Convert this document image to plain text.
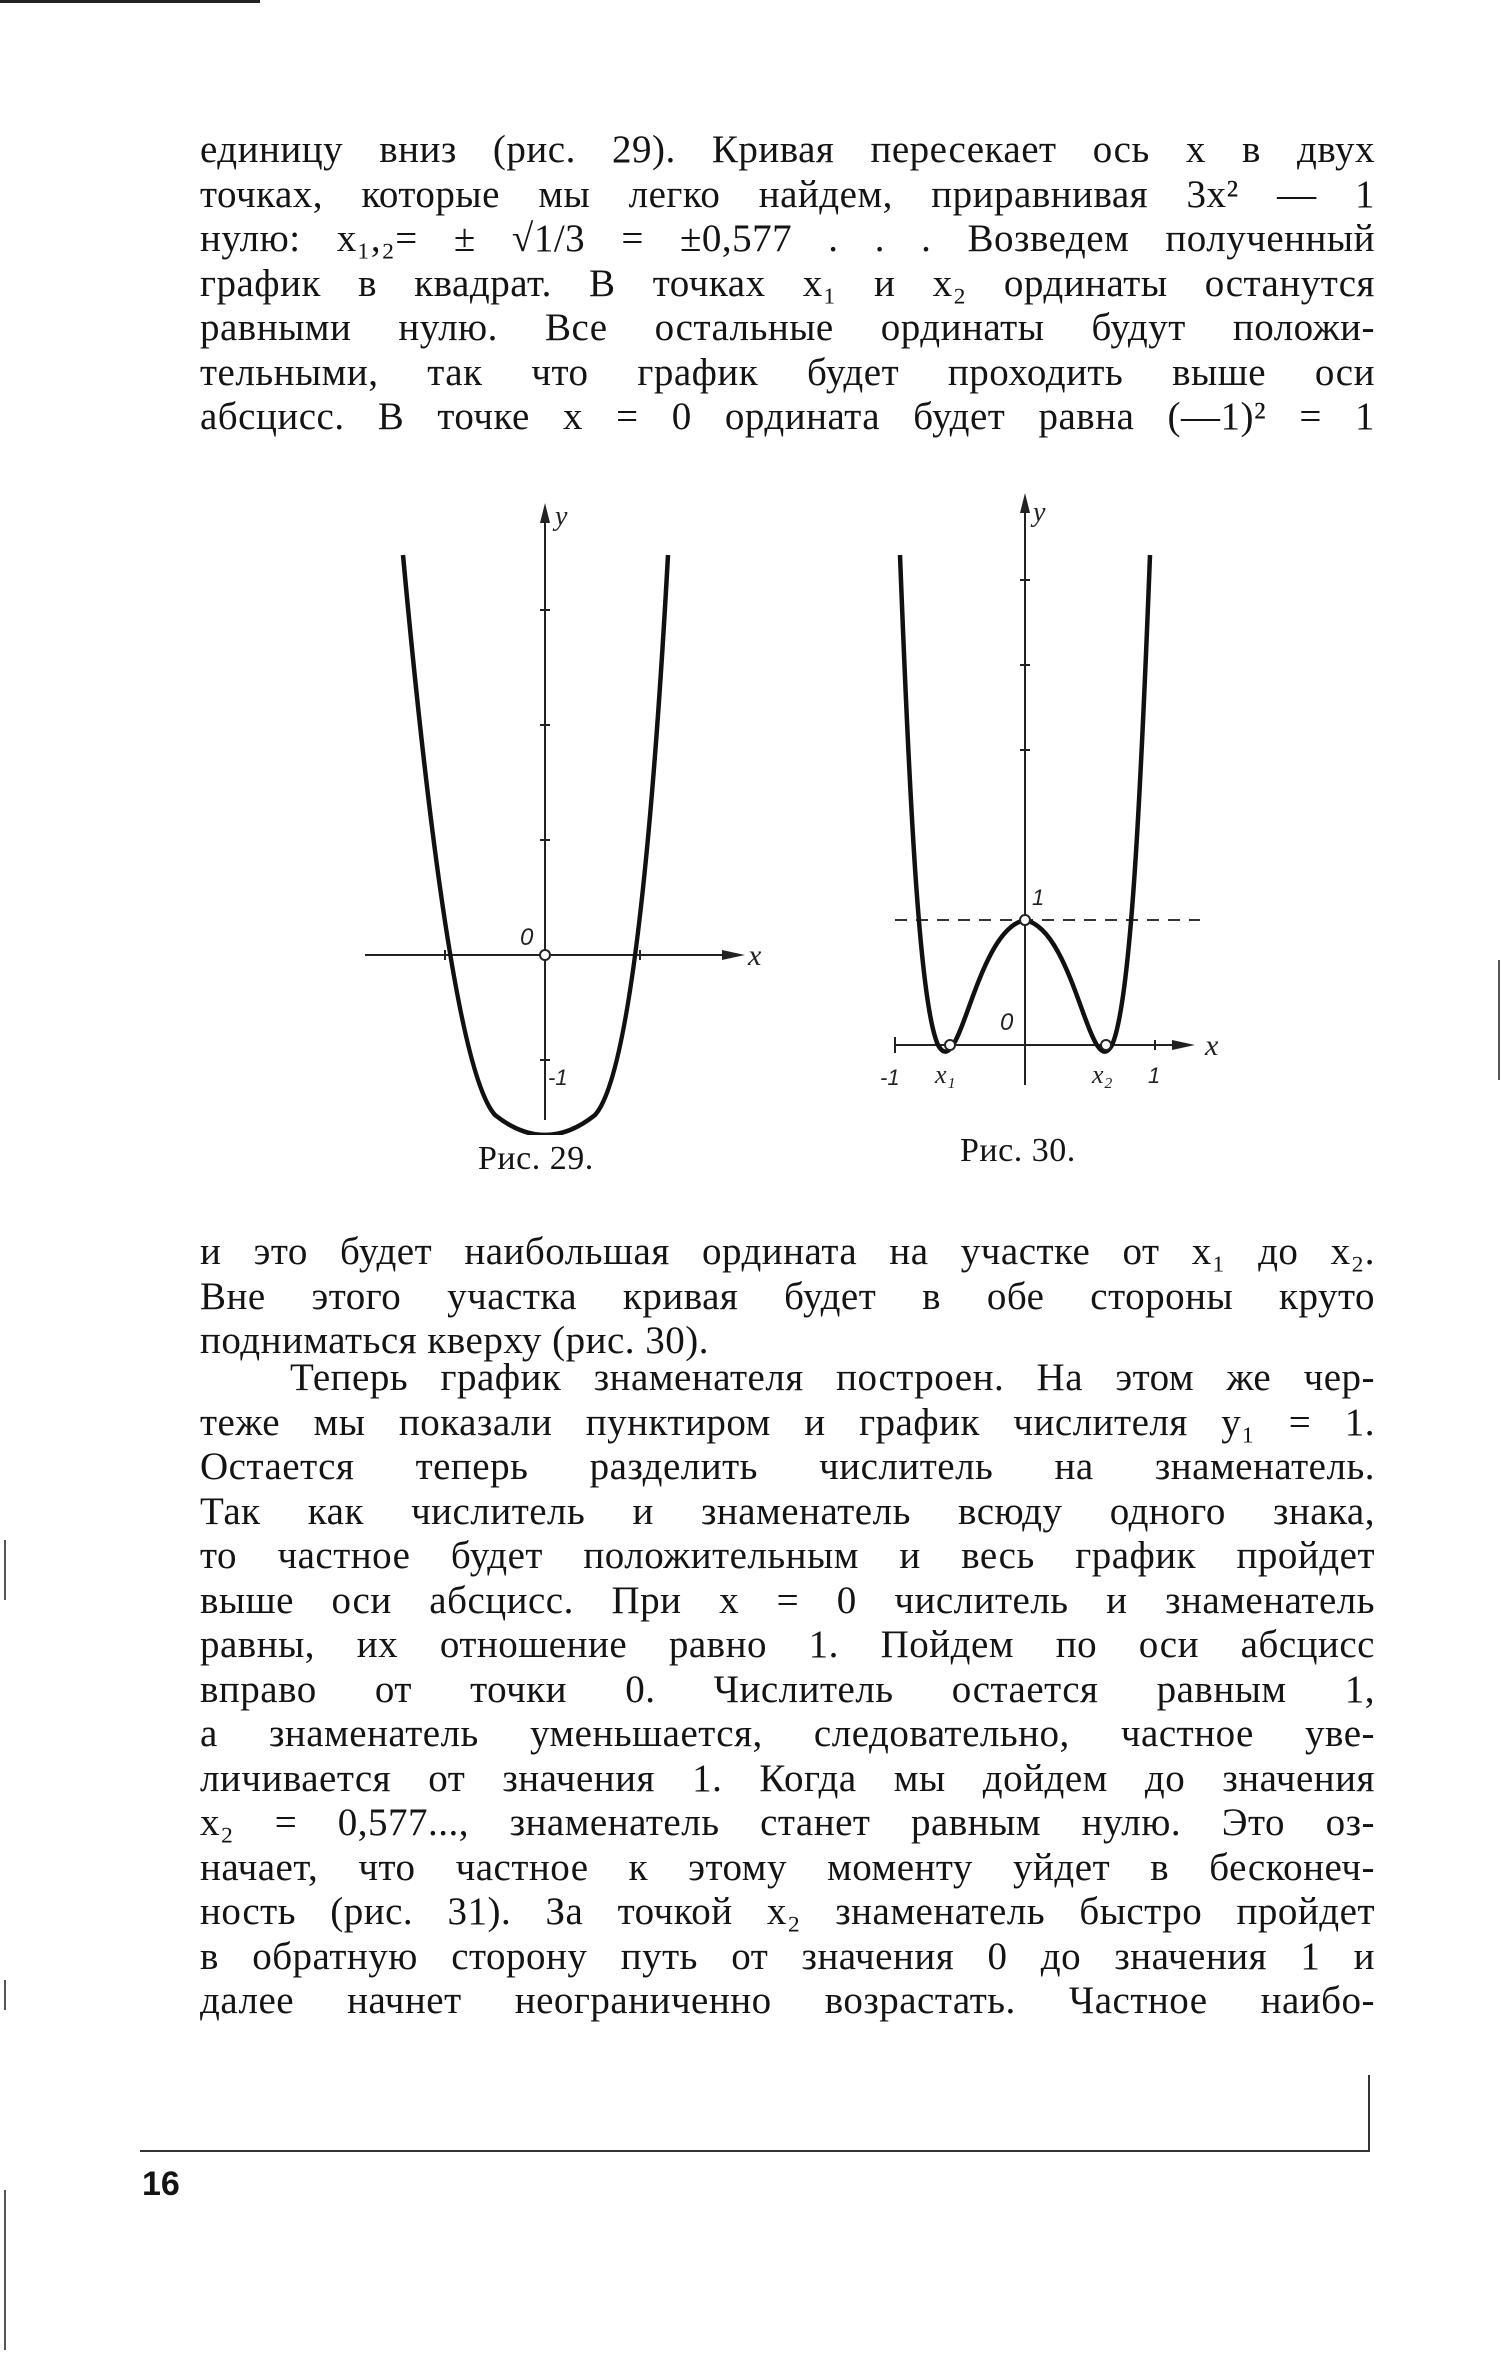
единицу вниз (рис. 29). Кривая пересекает ось x в двух
точках, которые мы легко найдем, приравнивая 3x² — 1
нулю: x₁,₂= ± √1/3 = ±0,577 . . . Возведем полученный
график в квадрат. В точках x₁ и x₂ ординаты останутся
равными нулю. Все остальные ординаты будут положи-
тельными, так что график будет проходить выше оси
абсцисс. В точке x = 0 ордината будет равна (—1)² = 1
y
x
0
-1
y
x
1
0
-1 x₁	x₂ 1
Рис. 29.	Рис. 30.
и это будет наибольшая ордината на участке от x₁ до x₂.
Вне этого участка кривая будет в обе стороны круто
подниматься кверху (рис. 30).
Теперь график знаменателя построен. На этом же чер-
теже мы показали пунктиром и график числителя y₁ = 1.
Остается теперь разделить числитель на знаменатель.
Так как числитель и знаменатель всюду одного знака,
то частное будет положительным и весь график пройдет
выше оси абсцисс. При x = 0 числитель и знаменатель
равны, их отношение равно 1. Пойдем по оси абсцисс
вправо от точки 0. Числитель остается равным 1,
а знаменатель уменьшается, следовательно, частное уве-
личивается от значения 1. Когда мы дойдем до значения
x₂ = 0,577..., знаменатель станет равным нулю. Это оз-
начает, что частное к этому моменту уйдет в бесконеч-
ность (рис. 31). За точкой x₂ знаменатель быстро пройдет
в обратную сторону путь от значения 0 до значения 1 и
далее начнет неограниченно возрастать. Частное наибо-
16
